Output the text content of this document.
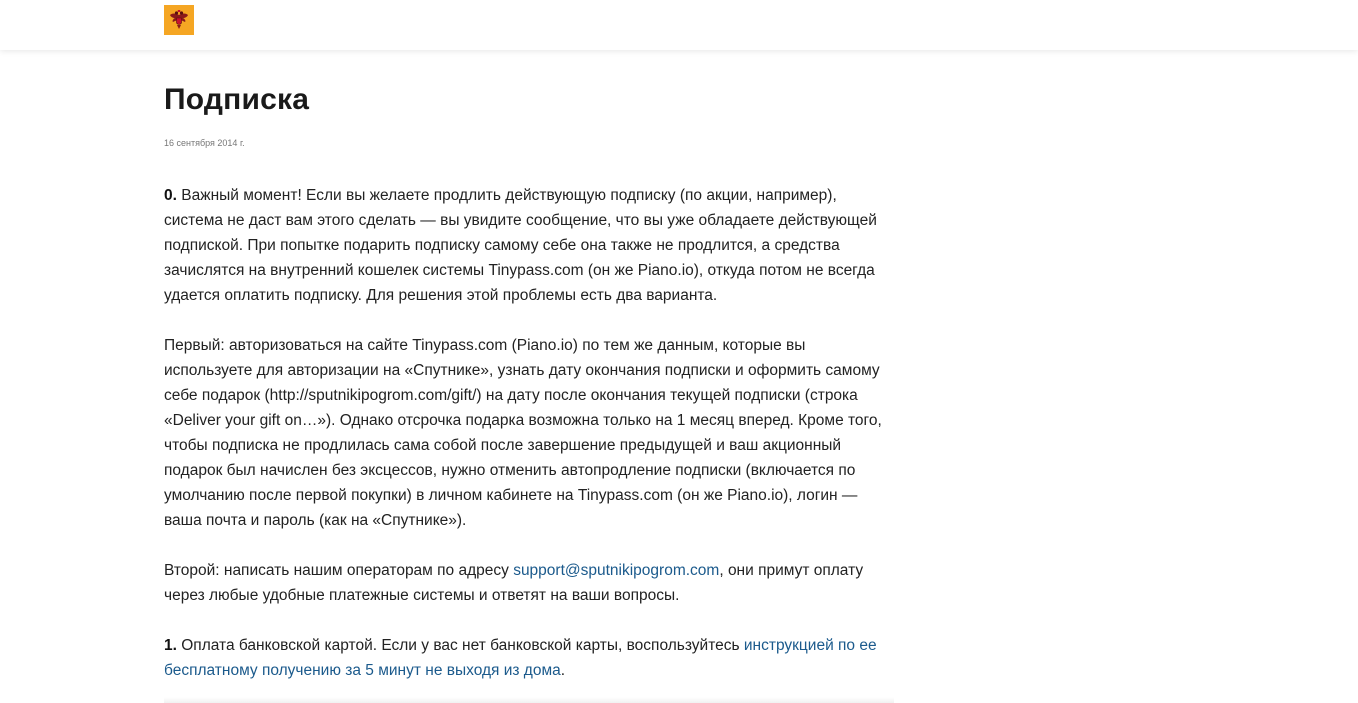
Подписка
16 сентября 2014 г.

0. Важный момент! Если вы желаете продлить действующую подписку (по акции, например), система не даст вам этого сделать — вы увидите сообщение, что вы уже обладаете действующей подпиской. При попытке подарить подписку самому себе она также не продлится, а средства зачислятся на внутренний кошелек системы Tinypass.com (он же Piano.io), откуда потом не всегда удается оплатить подписку. Для решения этой проблемы есть два варианта.

Первый: авторизоваться на сайте Tinypass.com (Piano.io) по тем же данным, которые вы используете для авторизации на «Спутнике», узнать дату окончания подписки и оформить самому себе подарок (http://sputnikipogrom.com/gift/) на дату после окончания текущей подписки (строка «Deliver your gift on…»). Однако отсрочка подарка возможна только на 1 месяц вперед. Кроме того, чтобы подписка не продлилась сама собой после завершение предыдущей и ваш акционный подарок был начислен без эксцессов, нужно отменить автопродление подписки (включается по умолчанию после первой покупки) в личном кабинете на Tinypass.com (он же Piano.io), логин — ваша почта и пароль (как на «Спутнике»).

Второй: написать нашим операторам по адресу support@sputnikipogrom.com, они примут оплату через любые удобные платежные системы и ответят на ваши вопросы.

1. Оплата банковской картой. Если у вас нет банковской карты, воспользуйтесь инструкцией по ее бесплатному получению за 5 минут не выходя из дома.
